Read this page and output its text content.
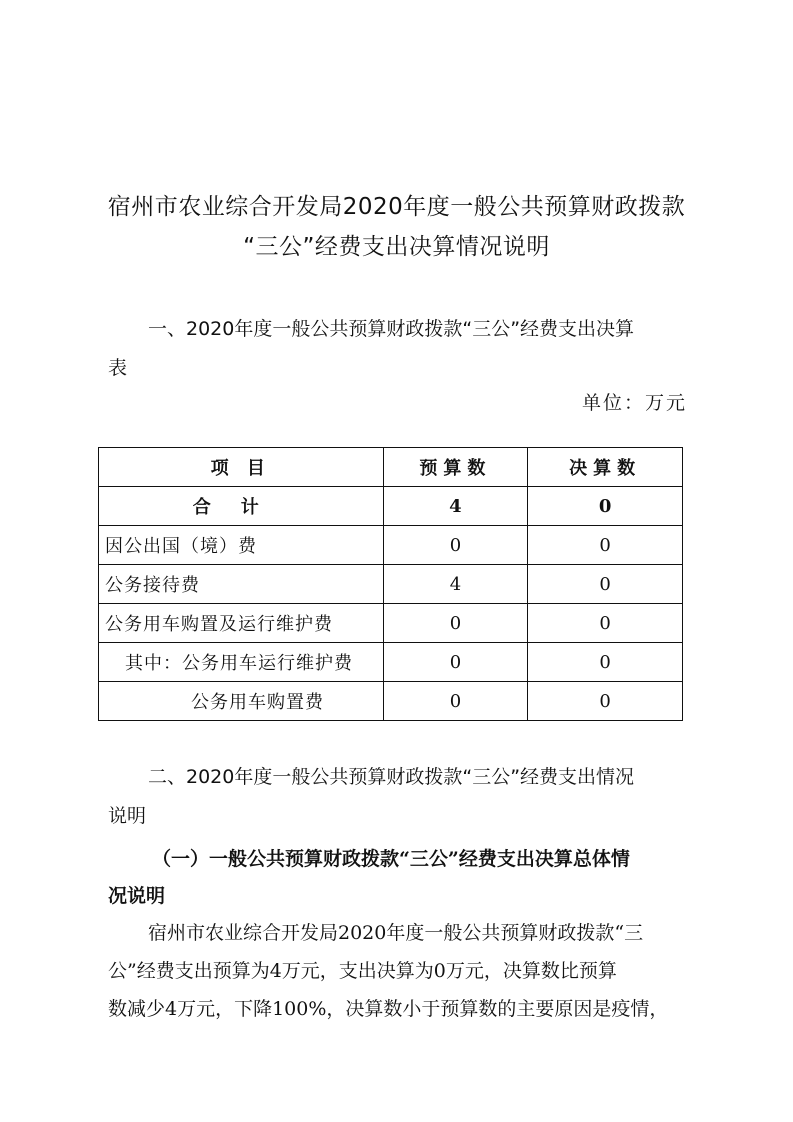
宿州市农业综合开发局2020年度一般公共预算财政拨款
“三公”经费支出决算情况说明
一、2020年度一般公共预算财政拨款“三公”经费支出决算
表
单位：万元
项 目	预算数	决算数
合计	4	0
因公出国（境）费	0	0
公务接待费	4	0
公务用车购置及运行维护费	0	0
其中：公务用车运行维护费	0	0
公务用车购置费	0	0
二、2020年度一般公共预算财政拨款“三公”经费支出情况
说明
（一）一般公共预算财政拨款“三公”经费支出决算总体情
况说明
宿州市农业综合开发局2020年度一般公共预算财政拨款“三
公”经费支出预算为4万元，支出决算为0万元，决算数比预算
数减少4万元，下降100%，决算数小于预算数的主要原因是疫情，
